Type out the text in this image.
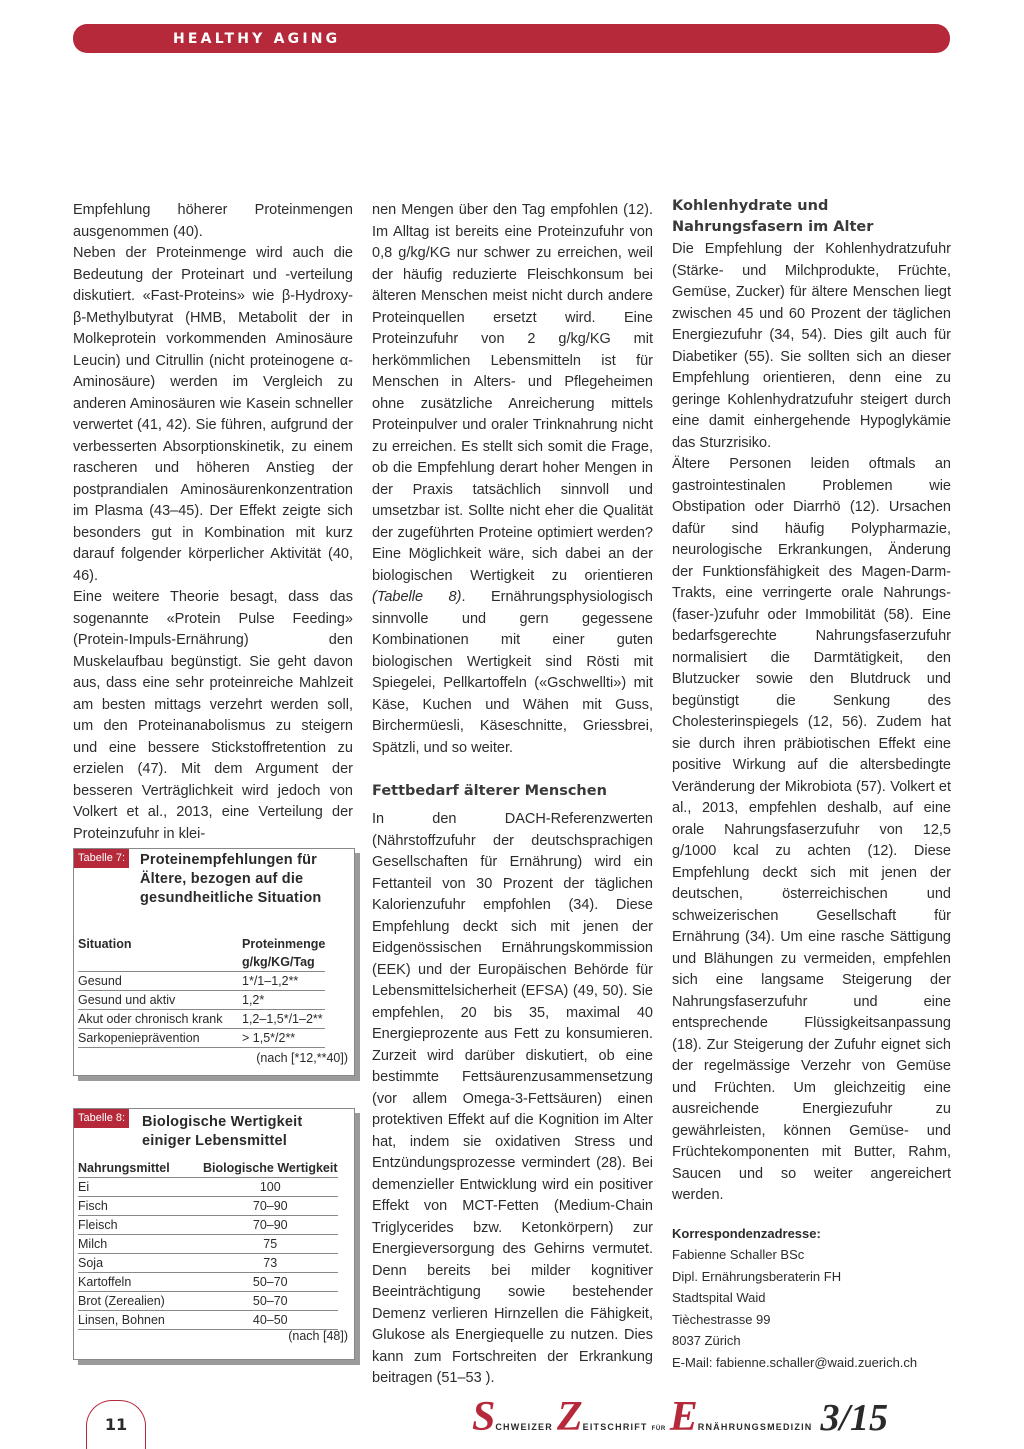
HEALTHY AGING

Empfehlung höherer Proteinmengen ausgenommen (40).

Neben der Proteinmenge wird auch die Bedeutung der Proteinart und -verteilung diskutiert. «Fast-Proteins» wie β-Hydroxy-β-Methylbutyrat (HMB, Metabolit der in Molkeprotein vorkommenden Aminosäure Leucin) und Citrullin (nicht proteinogene α-Aminosäure) werden im Vergleich zu anderen Aminosäuren wie Kasein schneller verwertet (41, 42). Sie führen, aufgrund der verbesserten Absorptionskinetik, zu einem rascheren und höheren Anstieg der postprandialen Aminosäurenkonzentration im Plasma (43–45). Der Effekt zeigte sich besonders gut in Kombination mit kurz darauf folgender körperlicher Aktivität (40, 46).

Eine weitere Theorie besagt, dass das sogenannte «Protein Pulse Feeding» (Protein-Impuls-Ernährung) den Muskelaufbau begünstigt. Sie geht davon aus, dass eine sehr proteinreiche Mahlzeit am besten mittags verzehrt werden soll, um den Proteinanabolismus zu steigern und eine bessere Stickstoffretention zu erzielen (47). Mit dem Argument der besseren Verträglichkeit wird jedoch von Volkert et al., 2013, eine Verteilung der Proteinzufuhr in klei-

Tabelle 7: Proteinempfehlungen für Ältere, bezogen auf die gesundheitliche Situation
Situation	Proteinmenge
	g/kg/KG/Tag
Gesund	1*/1–1,2**
Gesund und aktiv	1,2*
Akut oder chronisch krank	1,2–1,5*/1–2**
Sarkopenieprävention	> 1,5*/2**
(nach [*12,**40])
Tabelle 8: Biologische Wertigkeit einiger Lebensmittel
Nahrungsmittel	Biologische Wertigkeit
Ei	100
Fisch	70–90
Fleisch	70–90
Milch	75
Soja	73
Kartoffeln	50–70
Brot (Zerealien)	50–70
Linsen, Bohnen	40–50
(nach [48])

nen Mengen über den Tag empfohlen (12). Im Alltag ist bereits eine Proteinzufuhr von 0,8 g/kg/KG nur schwer zu erreichen, weil der häufig reduzierte Fleischkonsum bei älteren Menschen meist nicht durch andere Proteinquellen ersetzt wird. Eine Proteinzufuhr von 2 g/kg/KG mit herkömmlichen Lebensmitteln ist für Menschen in Alters- und Pflegeheimen ohne zusätzliche Anreicherung mittels Proteinpulver und oraler Trinknahrung nicht zu erreichen. Es stellt sich somit die Frage, ob die Empfehlung derart hoher Mengen in der Praxis tatsächlich sinnvoll und umsetzbar ist. Sollte nicht eher die Qualität der zugeführten Proteine optimiert werden? Eine Möglichkeit wäre, sich dabei an der biologischen Wertigkeit zu orientieren (Tabelle 8). Ernährungsphysiologisch sinnvolle und gern gegessene Kombinationen mit einer guten biologischen Wertigkeit sind Rösti mit Spiegelei, Pellkartoffeln («Gschwellti») mit Käse, Kuchen und Wähen mit Guss, Birchermüesli, Käseschnitte, Griessbrei, Spätzli, und so weiter.

Fettbedarf älterer Menschen

In den DACH-Referenzwerten (Nährstoffzufuhr der deutschsprachigen Gesellschaften für Ernährung) wird ein Fettanteil von 30 Prozent der täglichen Kalorienzufuhr empfohlen (34). Diese Empfehlung deckt sich mit jenen der Eidgenössischen Ernährungskommission (EEK) und der Europäischen Behörde für Lebensmittelsicherheit (EFSA) (49, 50). Sie empfehlen, 20 bis 35, maximal 40 Energieprozente aus Fett zu konsumieren. Zurzeit wird darüber diskutiert, ob eine bestimmte Fettsäurenzusammensetzung (vor allem Omega-3-Fettsäuren) einen protektiven Effekt auf die Kognition im Alter hat, indem sie oxidativen Stress und Entzündungsprozesse vermindert (28). Bei demenzieller Entwicklung wird ein positiver Effekt von MCT-Fetten (Medium-Chain Triglycerides bzw. Ketonkörpern) zur Energieversorgung des Gehirns vermutet. Denn bereits bei milder kognitiver Beeinträchtigung sowie bestehender Demenz verlieren Hirnzellen die Fähigkeit, Glukose als Energiequelle zu nutzen. Dies kann zum Fortschreiten der Erkrankung beitragen (51–53 ).

Kohlenhydrate und Nahrungsfasern im Alter

Die Empfehlung der Kohlenhydratzufuhr (Stärke- und Milchprodukte, Früchte, Gemüse, Zucker) für ältere Menschen liegt zwischen 45 und 60 Prozent der täglichen Energiezufuhr (34, 54). Dies gilt auch für Diabetiker (55). Sie sollten sich an dieser Empfehlung orientieren, denn eine zu geringe Kohlenhydratzufuhr steigert durch eine damit einhergehende Hypoglykämie das Sturzrisiko.

Ältere Personen leiden oftmals an gastrointestinalen Problemen wie Obstipation oder Diarrhö (12). Ursachen dafür sind häufig Polypharmazie, neurologische Erkrankungen, Änderung der Funktionsfähigkeit des Magen-Darm-Trakts, eine verringerte orale Nahrungs-(faser-)zufuhr oder Immobilität (58). Eine bedarfsgerechte Nahrungsfaserzufuhr normalisiert die Darmtätigkeit, den Blutzucker sowie den Blutdruck und begünstigt die Senkung des Cholesterinspiegels (12, 56). Zudem hat sie durch ihren präbiotischen Effekt eine positive Wirkung auf die altersbedingte Veränderung der Mikrobiota (57). Volkert et al., 2013, empfehlen deshalb, auf eine orale Nahrungsfaserzufuhr von 12,5 g/1000 kcal zu achten (12). Diese Empfehlung deckt sich mit jenen der deutschen, österreichischen und schweizerischen Gesellschaft für Ernährung (34). Um eine rasche Sättigung und Blähungen zu vermeiden, empfehlen sich eine langsame Steigerung der Nahrungsfaserzufuhr und eine entsprechende Flüssigkeitsanpassung (18). Zur Steigerung der Zufuhr eignet sich der regelmässige Verzehr von Gemüse und Früchten. Um gleichzeitig eine ausreichende Energiezufuhr zu gewährleisten, können Gemüse- und Früchtekomponenten mit Butter, Rahm, Saucen und so weiter angereichert werden.

Korrespondenzadresse:
Fabienne Schaller BSc
Dipl. Ernährungsberaterin FH
Stadtspital Waid
Tièchestrasse 99
8037 Zürich
E-Mail: fabienne.schaller@waid.zuerich.ch
11	SCHWEIZER ZEITSCHRIFT FÜR ERNÄHRUNGSMEDIZIN 3/15
